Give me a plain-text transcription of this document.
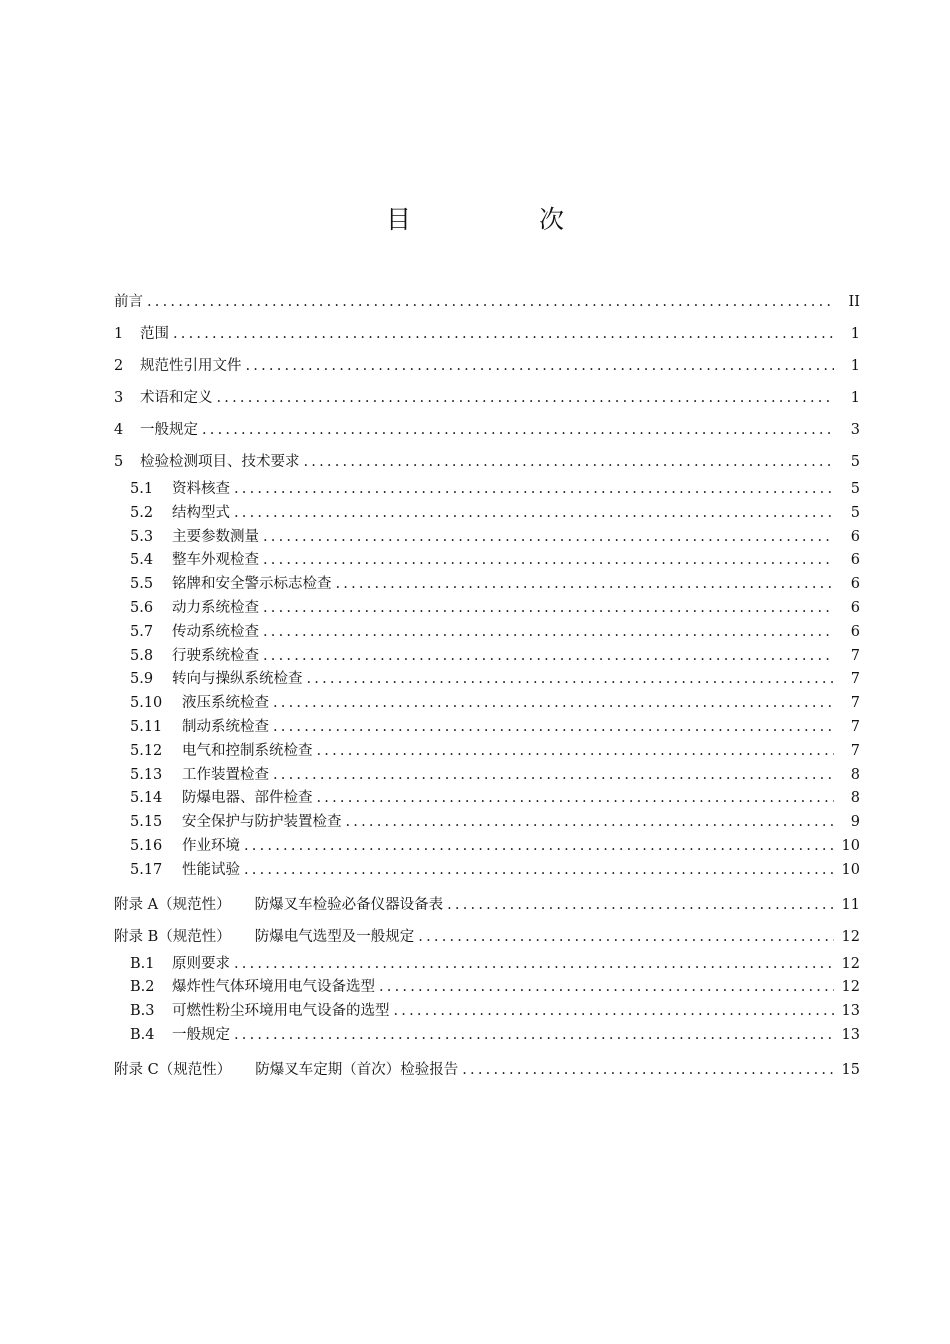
目 次
前言 .....	II
1	范围 .....	1
2	规范性引用文件 .....	1
3	术语和定义 .....	1
4	一般规定 .....	3
5	检验检测项目、技术要求 .....	5
5.1	资料核查 .....	5
5.2	结构型式 .....	5
5.3	主要参数测量 .....	6
5.4	整车外观检查 .....	6
5.5	铭牌和安全警示标志检查 .....	6
5.6	动力系统检查 .....	6
5.7	传动系统检查 .....	6
5.8	行驶系统检查 .....	7
5.9	转向与操纵系统检查 .....	7
5.10	液压系统检查 .....	7
5.11	制动系统检查 .....	7
5.12	电气和控制系统检查 .....	7
5.13	工作装置检查 .....	8
5.14	防爆电器、部件检查 .....	8
5.15	安全保护与防护装置检查 .....	9
5.16	作业环境 .....	10
5.17	性能试验 .....	10
附录 A（规范性） 防爆叉车检验必备仪器设备表 .....	11
附录 B（规范性） 防爆电气选型及一般规定 .....	12
B.1	原则要求 .....	12
B.2	爆炸性气体环境用电气设备选型 .....	12
B.3	可燃性粉尘环境用电气设备的选型 .....	13
B.4	一般规定 .....	13
附录 C（规范性） 防爆叉车定期（首次）检验报告 .....	15
